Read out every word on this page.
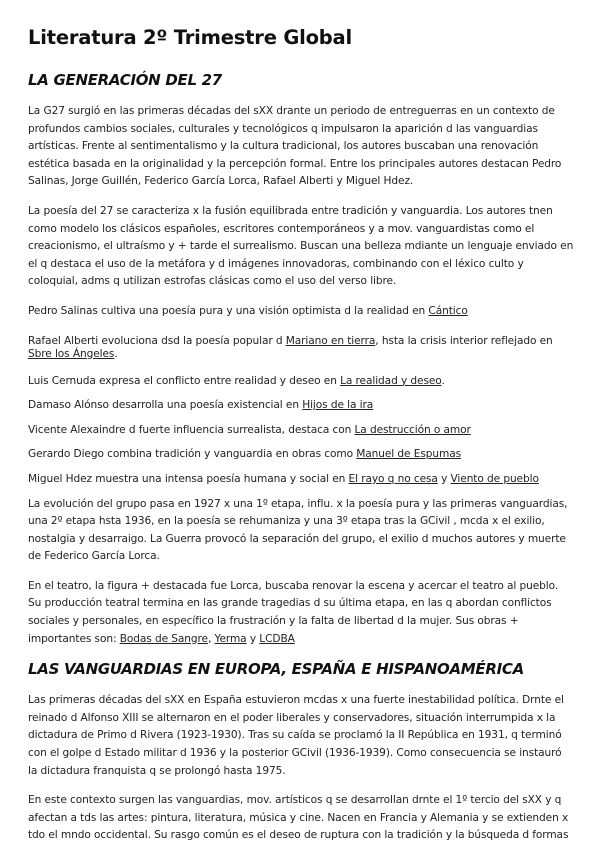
Literatura 2º Trimestre Global
LA GENERACIÓN DEL 27

La G27 surgió en las primeras décadas del sXX drante un periodo de entreguerras en un contexto de profundos cambios sociales, culturales y tecnológicos q impulsaron la aparición d las vanguardias artísticas. Frente al sentimentalismo y la cultura tradicional, los autores buscaban una renovación estética basada en la originalidad y la percepción formal. Entre los principales autores destacan Pedro Salinas, Jorge Guillén, Federico García Lorca, Rafael Alberti y Miguel Hdez.

La poesía del 27 se caracteriza x la fusión equilibrada entre tradición y vanguardia. Los autores tnen como modelo los clásicos españoles, escritores contemporáneos y a mov. vanguardistas como el creacionismo, el ultraísmo y + tarde el surrealismo. Buscan una belleza mdiante un lenguaje enviado en el q destaca el uso de la metáfora y d imágenes innovadoras, combinando con el léxico culto y coloquial, adms q utilizan estrofas clásicas como el uso del verso libre.

Pedro Salinas cultiva una poesía pura y una visión optimista d la realidad en Cántico

Rafael Alberti evoluciona dsd la poesía popular d Mariano en tierra, hsta la crisis interior reflejado en Sbre los Ángeles.

Luis Cernuda expresa el conflicto entre realidad y deseo en La realidad y deseo.

Damaso Alónso desarrolla una poesía existencial en Hijos de la ira

Vicente Alexaindre d fuerte influencia surrealista, destaca con La destrucción o amor

Gerardo Diego combina tradición y vanguardia en obras como Manuel de Espumas

Miguel Hdez muestra una intensa poesía humana y social en El rayo q no cesa y Viento de pueblo

La evolución del grupo pasa en 1927 x una 1º etapa, influ. x la poesía pura y las primeras vanguardias, una 2º etapa hsta 1936, en la poesía se rehumaniza y una 3º etapa tras la GCivil , mcda x el exilio, nostalgia y desarraigo. La Guerra provocó la separación del grupo, el exilio d muchos autores y muerte de Federico García Lorca.

En el teatro, la figura + destacada fue Lorca, buscaba renovar la escena y acercar el teatro al pueblo. Su producción teatral termina en las grande tragedias d su última etapa, en las q abordan conflictos sociales y personales, en específico la frustración y la falta de libertad d la mujer. Sus obras + importantes son: Bodas de Sangre, Yerma y LCDBA

LAS VANGUARDIAS EN EUROPA, ESPAÑA E HISPANOAMÉRICA

Las primeras décadas del sXX en España estuvieron mcdas x una fuerte inestabilidad política. Drnte el reinado d Alfonso XIII se alternaron en el poder liberales y conservadores, situación interrumpida x la dictadura de Primo d Rivera (1923-1930). Tras su caída se proclamó la II República en 1931, q terminó con el golpe d Estado militar d 1936 y la posterior GCivil (1936-1939). Como consecuencia se instauró la dictadura franquista q se prolongó hasta 1975.

En este contexto surgen las vanguardias, mov. artísticos q se desarrollan drnte el 1º tercio del sXX y q afectan a tds las artes: pintura, literatura, música y cine. Nacen en Francia y Alemania y se extienden x tdo el mndo occidental. Su rasgo común es el deseo de ruptura con la tradición y la búsqueda d formas
